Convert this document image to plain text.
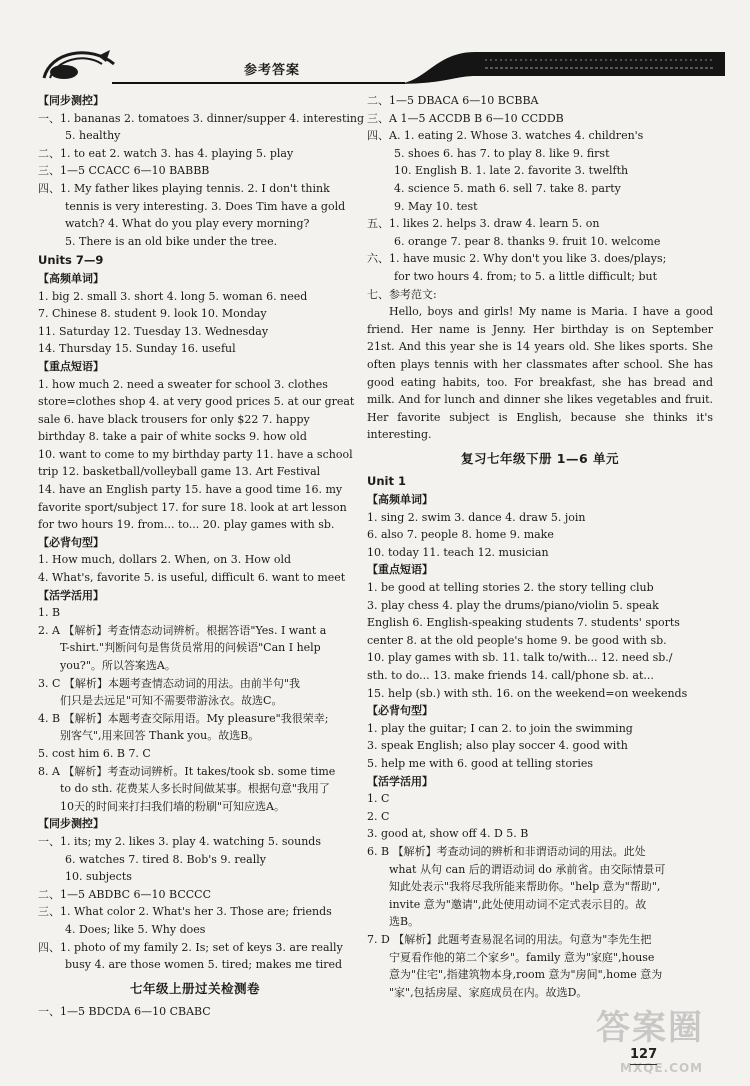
参考答案
【同步测控】
一、1. bananas 2. tomatoes 3. dinner/supper 4. interesting
5. healthy
二、1. to eat 2. watch 3. has 4. playing 5. play
三、1—5 CCACC 6—10 BABBB
四、1. My father likes playing tennis. 2. I don't think
tennis is very interesting. 3. Does Tim have a gold
watch? 4. What do you play every morning?
5. There is an old bike under the tree.
Units 7—9
【高频单词】
1. big 2. small 3. short 4. long 5. woman 6. need
7. Chinese 8. student 9. look 10. Monday
11. Saturday 12. Tuesday 13. Wednesday
14. Thursday 15. Sunday 16. useful
【重点短语】
1. how much 2. need a sweater for school 3. clothes
store=clothes shop 4. at very good prices 5. at our great
sale 6. have black trousers for only $22 7. happy
birthday 8. take a pair of white socks 9. how old
10. want to come to my birthday party 11. have a school
trip 12. basketball/volleyball game 13. Art Festival
14. have an English party 15. have a good time 16. my
favorite sport/subject 17. for sure 18. look at art lesson
for two hours 19. from... to... 20. play games with sb.
【必背句型】
1. How much, dollars 2. When, on 3. How old
4. What's, favorite 5. is useful, difficult 6. want to meet
【活学活用】
1. B
2. A 【解析】考查情态动词辨析。根据答语"Yes. I want a
T-shirt."判断问句是售货员常用的问候语"Can I help
you?"。所以答案选A。
3. C 【解析】本题考查情态动词的用法。由前半句"我
们只是去远足"可知不需要带游泳衣。故选C。
4. B 【解析】本题考查交际用语。My pleasure"我很荣幸;
别客气",用来回答 Thank you。故选B。
5. cost him 6. B 7. C
8. A 【解析】考查动词辨析。It takes/took sb. some time
to do sth. 花费某人多长时间做某事。根据句意"我用了
10天的时间来打扫我们墙的粉刷"可知应选A。
【同步测控】
一、1. its; my 2. likes 3. play 4. watching 5. sounds
6. watches 7. tired 8. Bob's 9. really
10. subjects
二、1—5 ABDBC 6—10 BCCCC
三、1. What color 2. What's her 3. Those are; friends
4. Does; like 5. Why does
四、1. photo of my family 2. Is; set of keys 3. are really
busy 4. are those women 5. tired; makes me tired
七年级上册过关检测卷
一、1—5 BDCDA 6—10 CBABC
二、1—5 DBACA 6—10 BCBBA
三、A 1—5 ACCDB B 6—10 CCDDB
四、A. 1. eating 2. Whose 3. watches 4. children's
5. shoes 6. has 7. to play 8. like 9. first
10. English B. 1. late 2. favorite 3. twelfth
4. science 5. math 6. sell 7. take 8. party
9. May 10. test
五、1. likes 2. helps 3. draw 4. learn 5. on
6. orange 7. pear 8. thanks 9. fruit 10. welcome
六、1. have music 2. Why don't you like 3. does/plays;
for two hours 4. from; to 5. a little difficult; but
七、参考范文:
Hello, boys and girls! My name is Maria. I have a good friend. Her name is Jenny. Her birthday is on September 21st. And this year she is 14 years old. She likes sports. She often plays tennis with her classmates after school. She has good eating habits, too. For breakfast, she has bread and milk. And for lunch and dinner she likes vegetables and fruit. Her favorite subject is English, because she thinks it's interesting.
复习七年级下册 1—6 单元
Unit 1
【高频单词】
1. sing 2. swim 3. dance 4. draw 5. join
6. also 7. people 8. home 9. make
10. today 11. teach 12. musician
【重点短语】
1. be good at telling stories 2. the story telling club
3. play chess 4. play the drums/piano/violin 5. speak
English 6. English-speaking students 7. students' sports
center 8. at the old people's home 9. be good with sb.
10. play games with sb. 11. talk to/with... 12. need sb./
sth. to do... 13. make friends 14. call/phone sb. at...
15. help (sb.) with sth. 16. on the weekend=on weekends
【必背句型】
1. play the guitar; I can 2. to join the swimming
3. speak English; also play soccer 4. good with
5. help me with 6. good at telling stories
【活学活用】
1. C
2. C
3. good at, show off 4. D 5. B
6. B 【解析】考查动词的辨析和非谓语动词的用法。此处
what 从句 can 后的谓语动词 do 承前省。由交际情景可
知此处表示"我将尽我所能来帮助你。"help 意为"帮助",
invite 意为"邀请",此处使用动词不定式表示目的。故
选B。
7. D 【解析】此题考查易混名词的用法。句意为"李先生把
宁夏看作他的第二个家乡"。family 意为"家庭",house
意为"住宅",指建筑物本身,room 意为"房间",home 意为
"家",包括房屋、家庭成员在内。故选D。
答案圈
MXQE.COM
127
